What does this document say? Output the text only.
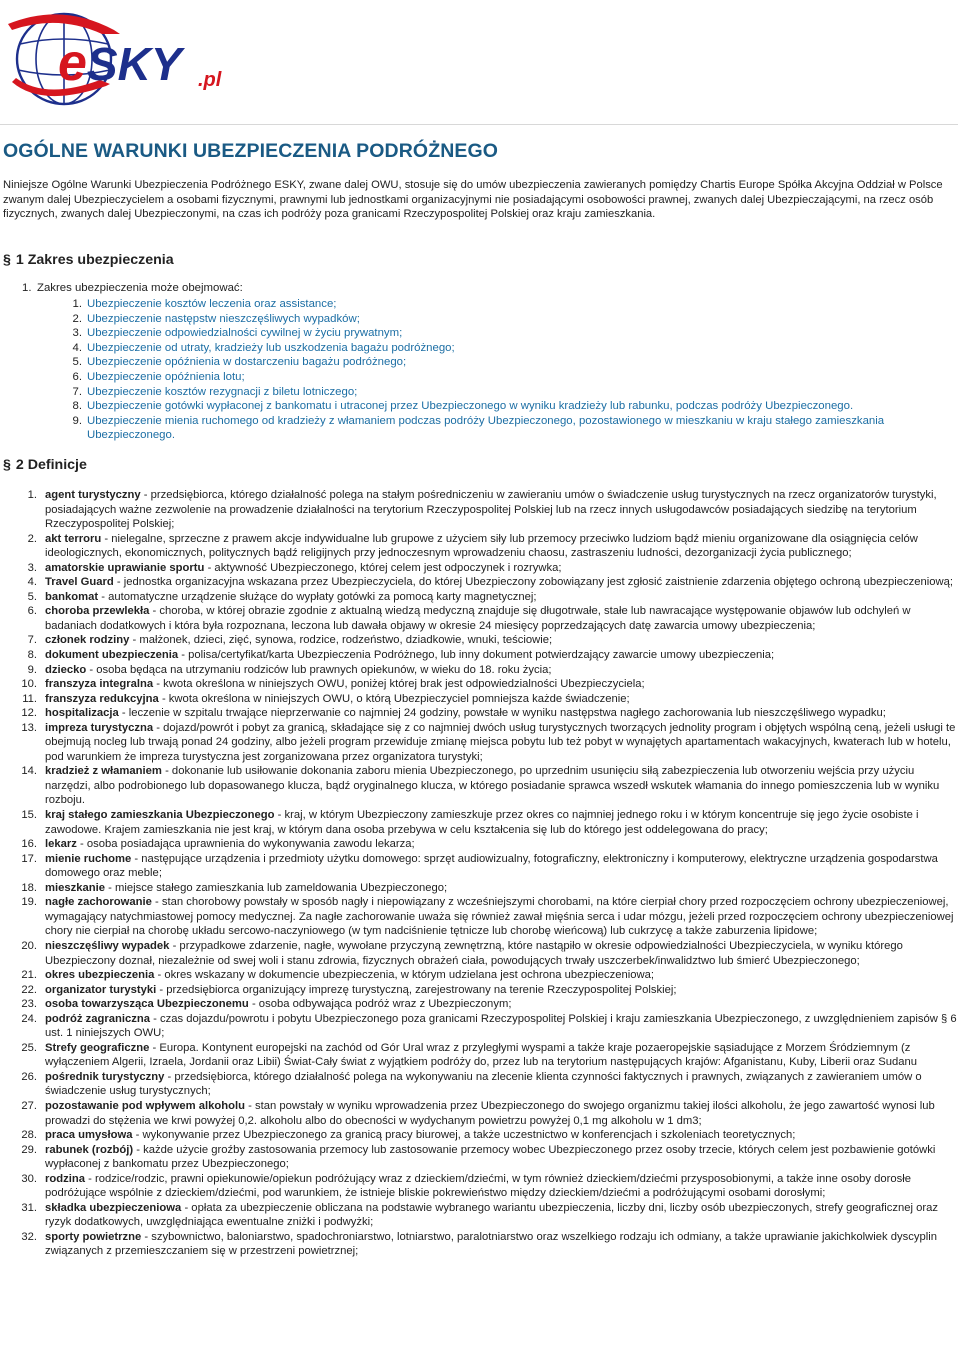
eSKY .pl
OGÓLNE WARUNKI UBEZPIECZENIA PODRÓŻNEGO

Niniejsze Ogólne Warunki Ubezpieczenia Podróżnego ESKY, zwane dalej OWU, stosuje się do umów ubezpieczenia zawieranych pomiędzy Chartis Europe Spółka Akcyjna Oddział w Polsce zwanym dalej Ubezpieczycielem a osobami fizycznymi, prawnymi lub jednostkami organizacyjnymi nie posiadającymi osobowości prawnej, zwanych dalej Ubezpieczającymi, na rzecz osób fizycznych, zwanych dalej Ubezpieczonymi, na czas ich podróży poza granicami Rzeczypospolitej Polskiej oraz kraju zamieszkania.

§ 1 Zakres ubezpieczenia
1. Zakres ubezpieczenia może obejmować:
1. Ubezpieczenie kosztów leczenia oraz assistance;
2. Ubezpieczenie następstw nieszczęśliwych wypadków;
3. Ubezpieczenie odpowiedzialności cywilnej w życiu prywatnym;
4. Ubezpieczenie od utraty, kradzieży lub uszkodzenia bagażu podróżnego;
5. Ubezpieczenie opóźnienia w dostarczeniu bagażu podróżnego;
6. Ubezpieczenie opóźnienia lotu;
7. Ubezpieczenie kosztów rezygnacji z biletu lotniczego;
8. Ubezpieczenie gotówki wypłaconej z bankomatu i utraconej przez Ubezpieczonego w wyniku kradzieży lub rabunku, podczas podróży Ubezpieczonego.
9. Ubezpieczenie mienia ruchomego od kradzieży z włamaniem podczas podróży Ubezpieczonego, pozostawionego w mieszkaniu w kraju stałego zamieszkania Ubezpieczonego.
§ 2 Definicje
1. agent turystyczny - przedsiębiorca, którego działalność polega na stałym pośredniczeniu w zawieraniu umów o świadczenie usług turystycznych na rzecz organizatorów turystyki, posiadających ważne zezwolenie na prowadzenie działalności na terytorium Rzeczypospolitej Polskiej lub na rzecz innych usługodawców posiadających siedzibę na terytorium Rzeczypospolitej Polskiej;
2. akt terroru - nielegalne, sprzeczne z prawem akcje indywidualne lub grupowe z użyciem siły lub przemocy przeciwko ludziom bądź mieniu organizowane dla osiągnięcia celów ideologicznych, ekonomicznych, politycznych bądź religijnych przy jednoczesnym wprowadzeniu chaosu, zastraszeniu ludności, dezorganizacji życia publicznego;
3. amatorskie uprawianie sportu - aktywność Ubezpieczonego, której celem jest odpoczynek i rozrywka;
4. Travel Guard - jednostka organizacyjna wskazana przez Ubezpieczyciela, do której Ubezpieczony zobowiązany jest zgłosić zaistnienie zdarzenia objętego ochroną ubezpieczeniową;
5. bankomat - automatyczne urządzenie służące do wypłaty gotówki za pomocą karty magnetycznej;
6. choroba przewlekła - choroba, w której obrazie zgodnie z aktualną wiedzą medyczną znajduje się długotrwałe, stałe lub nawracające występowanie objawów lub odchyleń w badaniach dodatkowych i która była rozpoznana, leczona lub dawała objawy w okresie 24 miesięcy poprzedzających datę zawarcia umowy ubezpieczenia;
7. członek rodziny - małżonek, dzieci, zięć, synowa, rodzice, rodzeństwo, dziadkowie, wnuki, teściowie;
8. dokument ubezpieczenia - polisa/certyfikat/karta Ubezpieczenia Podróżnego, lub inny dokument potwierdzający zawarcie umowy ubezpieczenia;
9. dziecko - osoba będąca na utrzymaniu rodziców lub prawnych opiekunów, w wieku do 18. roku życia;
10. franszyza integralna - kwota określona w niniejszych OWU, poniżej której brak jest odpowiedzialności Ubezpieczyciela;
11. franszyza redukcyjna - kwota określona w niniejszych OWU, o którą Ubezpieczyciel pomniejsza każde świadczenie;
12. hospitalizacja - leczenie w szpitalu trwające nieprzerwanie co najmniej 24 godziny, powstałe w wyniku następstwa nagłego zachorowania lub nieszczęśliwego wypadku;
13. impreza turystyczna - dojazd/powrót i pobyt za granicą, składające się z co najmniej dwóch usług turystycznych tworzących jednolity program i objętych wspólną ceną, jeżeli usługi te obejmują nocleg lub trwają ponad 24 godziny, albo jeżeli program przewiduje zmianę miejsca pobytu lub też pobyt w wynajętych apartamentach wakacyjnych, kwaterach lub w hotelu, pod warunkiem że impreza turystyczna jest zorganizowana przez organizatora turystyki;
14. kradzież z włamaniem - dokonanie lub usiłowanie dokonania zaboru mienia Ubezpieczonego, po uprzednim usunięciu siłą zabezpieczenia lub otworzeniu wejścia przy użyciu narzędzi, albo podrobionego lub dopasowanego klucza, bądź oryginalnego klucza, w którego posiadanie sprawca wszedł wskutek włamania do innego pomieszczenia lub w wyniku rozboju.
15. kraj stałego zamieszkania Ubezpieczonego - kraj, w którym Ubezpieczony zamieszkuje przez okres co najmniej jednego roku i w którym koncentruje się jego życie osobiste i zawodowe. Krajem zamieszkania nie jest kraj, w którym dana osoba przebywa w celu kształcenia się lub do którego jest oddelegowana do pracy;
16. lekarz - osoba posiadająca uprawnienia do wykonywania zawodu lekarza;
17. mienie ruchome - następujące urządzenia i przedmioty użytku domowego: sprzęt audiowizualny, fotograficzny, elektroniczny i komputerowy, elektryczne urządzenia gospodarstwa domowego oraz meble;
18. mieszkanie - miejsce stałego zamieszkania lub zameldowania Ubezpieczonego;
19. nagłe zachorowanie - stan chorobowy powstały w sposób nagły i niepowiązany z wcześniejszymi chorobami, na które cierpiał chory przed rozpoczęciem ochrony ubezpieczeniowej, wymagający natychmiastowej pomocy medycznej. Za nagłe zachorowanie uważa się również zawał mięśnia serca i udar mózgu, jeżeli przed rozpoczęciem ochrony ubezpieczeniowej chory nie cierpiał na chorobę układu sercowo-naczyniowego (w tym nadciśnienie tętnicze lub chorobę wieńcową) lub cukrzycę a także zaburzenia lipidowe;
20. nieszczęśliwy wypadek - przypadkowe zdarzenie, nagłe, wywołane przyczyną zewnętrzną, które nastąpiło w okresie odpowiedzialności Ubezpieczyciela, w wyniku którego Ubezpieczony doznał, niezależnie od swej woli i stanu zdrowia, fizycznych obrażeń ciała, powodujących trwały uszczerbek/inwalidztwo lub śmierć Ubezpieczonego;
21. okres ubezpieczenia - okres wskazany w dokumencie ubezpieczenia, w którym udzielana jest ochrona ubezpieczeniowa;
22. organizator turystyki - przedsiębiorca organizujący imprezę turystyczną, zarejestrowany na terenie Rzeczypospolitej Polskiej;
23. osoba towarzysząca Ubezpieczonemu - osoba odbywająca podróż wraz z Ubezpieczonym;
24. podróż zagraniczna - czas dojazdu/powrotu i pobytu Ubezpieczonego poza granicami Rzeczypospolitej Polskiej i kraju zamieszkania Ubezpieczonego, z uwzględnieniem zapisów § 6 ust. 1 niniejszych OWU;
25. Strefy geograficzne - Europa. Kontynent europejski na zachód od Gór Ural wraz z przyległymi wyspami a także kraje pozaeropejskie sąsiadujące z Morzem Śródziemnym (z wyłączeniem Algerii, Izraela, Jordanii oraz Libii) Świat-Cały świat z wyjątkiem podróży do, przez lub na terytorium następujących krajów: Afganistanu, Kuby, Liberii oraz Sudanu
26. pośrednik turystyczny - przedsiębiorca, którego działalność polega na wykonywaniu na zlecenie klienta czynności faktycznych i prawnych, związanych z zawieraniem umów o świadczenie usług turystycznych;
27. pozostawanie pod wpływem alkoholu - stan powstały w wyniku wprowadzenia przez Ubezpieczonego do swojego organizmu takiej ilości alkoholu, że jego zawartość wynosi lub prowadzi do stężenia we krwi powyżej 0,2. alkoholu albo do obecności w wydychanym powietrzu powyżej 0,1 mg alkoholu w 1 dm3;
28. praca umysłowa - wykonywanie przez Ubezpieczonego za granicą pracy biurowej, a także uczestnictwo w konferencjach i szkoleniach teoretycznych;
29. rabunek (rozbój) - każde użycie groźby zastosowania przemocy lub zastosowanie przemocy wobec Ubezpieczonego przez osoby trzecie, których celem jest pozbawienie gotówki wypłaconej z bankomatu przez Ubezpieczonego;
30. rodzina - rodzice/rodzic, prawni opiekunowie/opiekun podróżujący wraz z dzieckiem/dziećmi, w tym również dzieckiem/dziećmi przysposobionymi, a także inne osoby dorosłe podróżujące wspólnie z dzieckiem/dziećmi, pod warunkiem, że istnieje bliskie pokrewieństwo między dzieckiem/dziećmi a podróżującymi osobami dorosłymi;
31. składka ubezpieczeniowa - opłata za ubezpieczenie obliczana na podstawie wybranego wariantu ubezpieczenia, liczby dni, liczby osób ubezpieczonych, strefy geograficznej oraz ryzyk dodatkowych, uwzględniająca ewentualne zniżki i podwyżki;
32. sporty powietrzne - szybownictwo, baloniarstwo, spadochroniarstwo, lotniarstwo, paralotniarstwo oraz wszelkiego rodzaju ich odmiany, a także uprawianie jakichkolwiek dyscyplin związanych z przemieszczaniem się w przestrzeni powietrznej;
